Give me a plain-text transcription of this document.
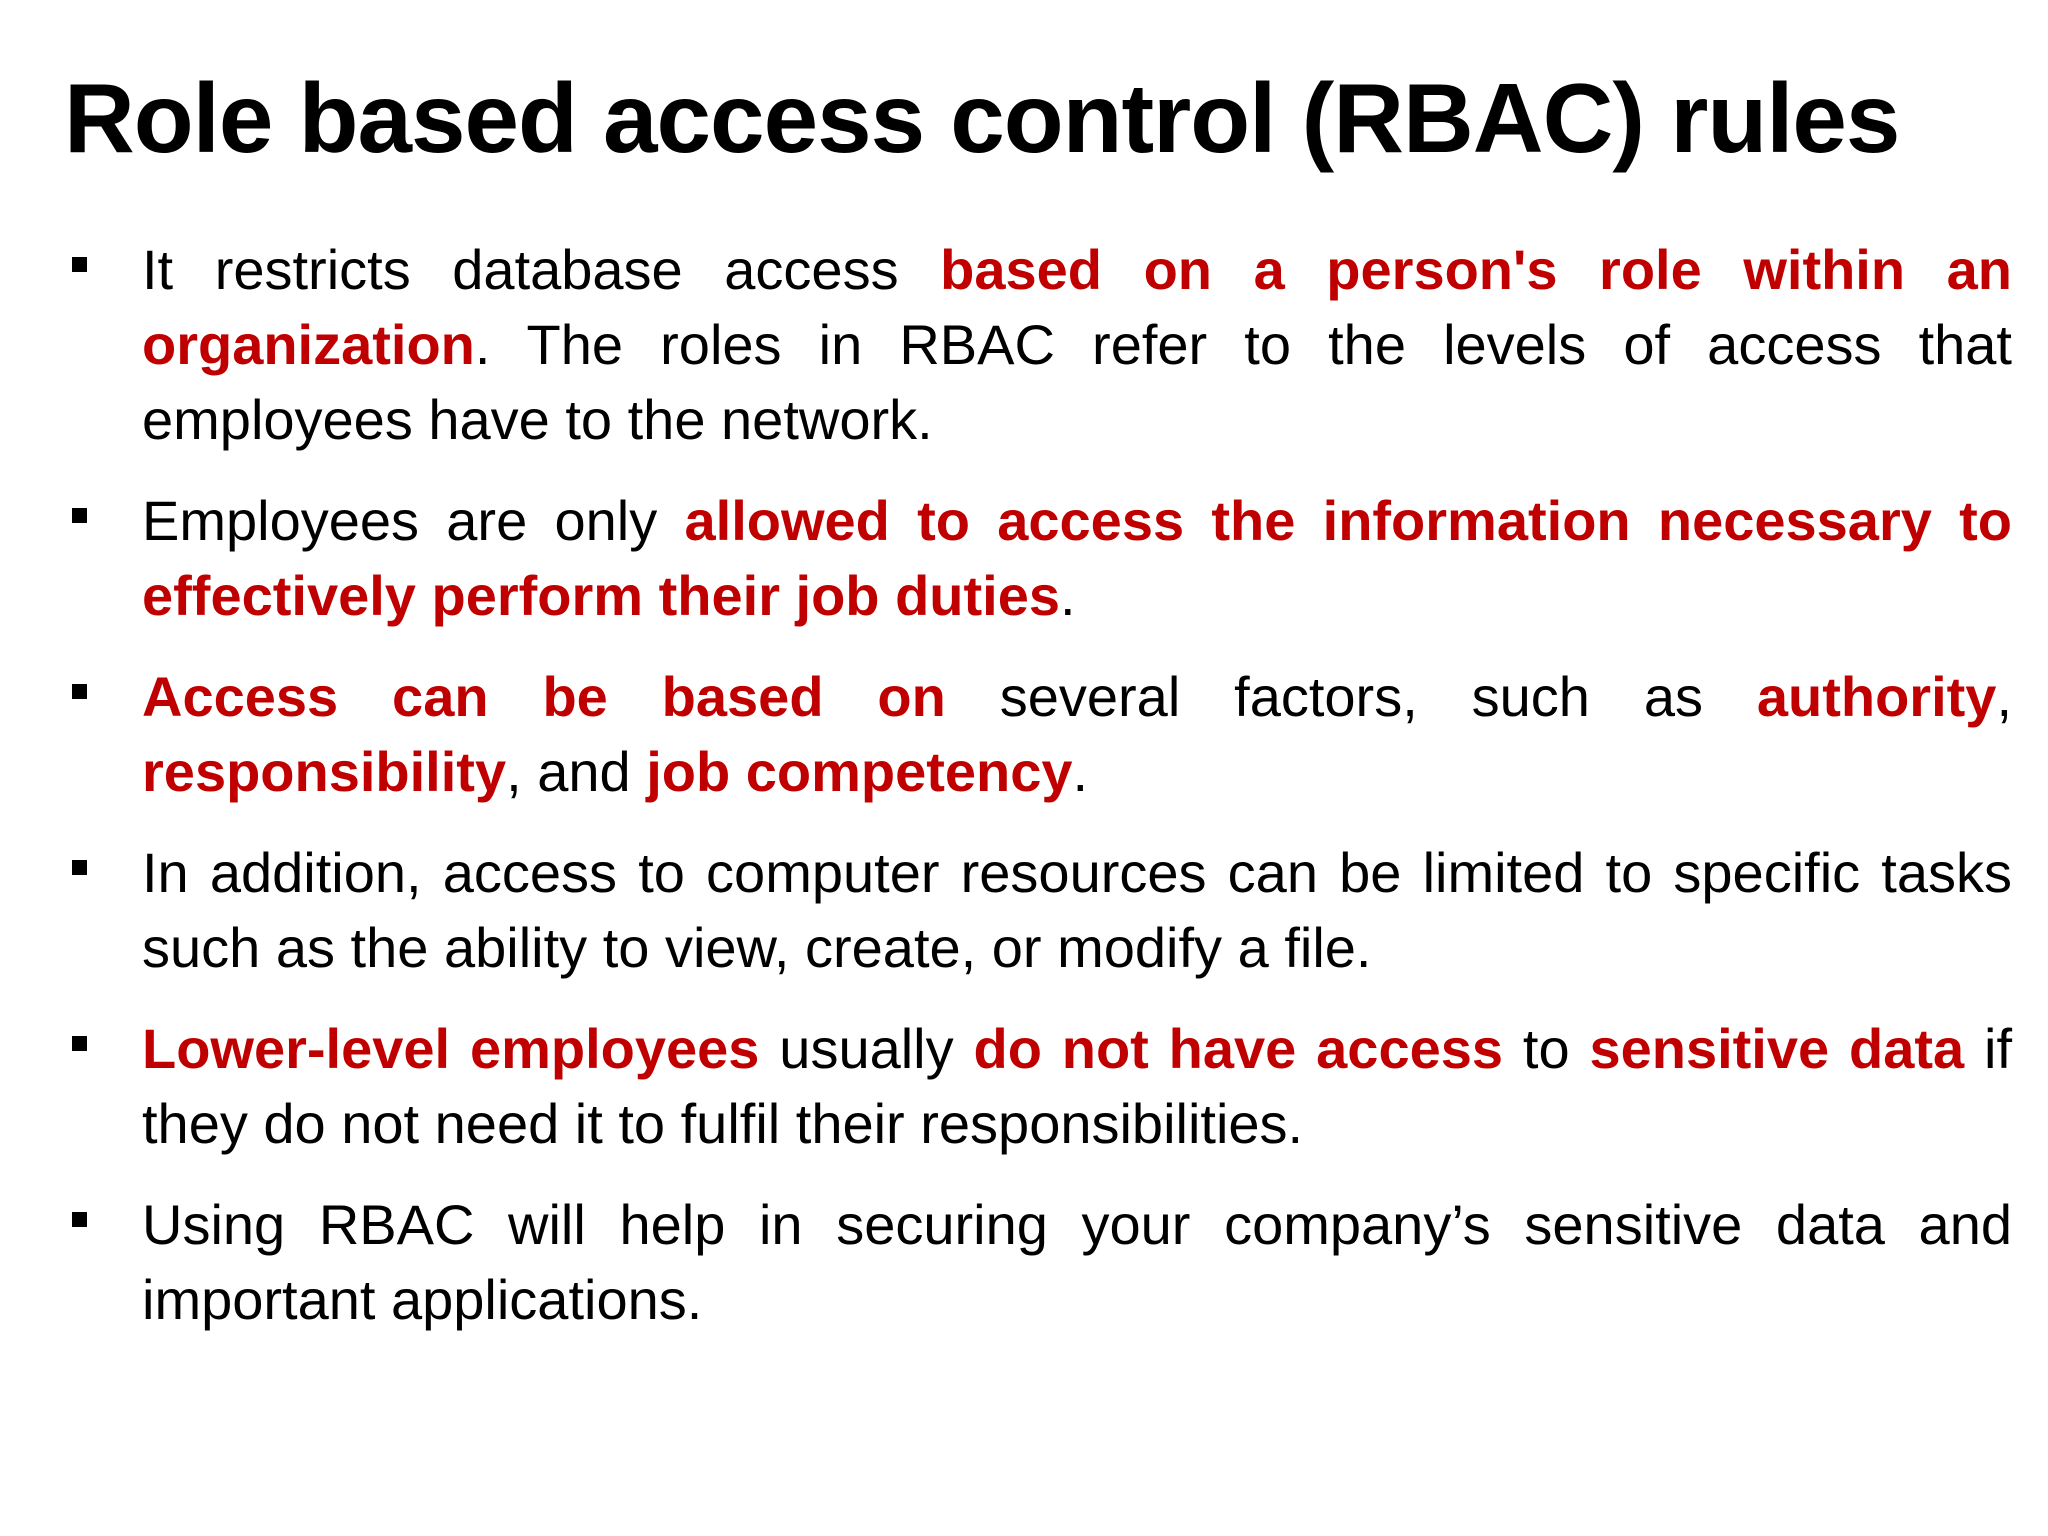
Role based access control (RBAC) rules
It restricts database access based on a person's role within an organization. The roles in RBAC refer to the levels of access that employees have to the network.
Employees are only allowed to access the information necessary to effectively perform their job duties.
Access can be based on several factors, such as authority, responsibility, and job competency.
In addition, access to computer resources can be limited to specific tasks such as the ability to view, create, or modify a file.
Lower-level employees usually do not have access to sensitive data if they do not need it to fulfil their responsibilities.
Using RBAC will help in securing your company’s sensitive data and important applications.
